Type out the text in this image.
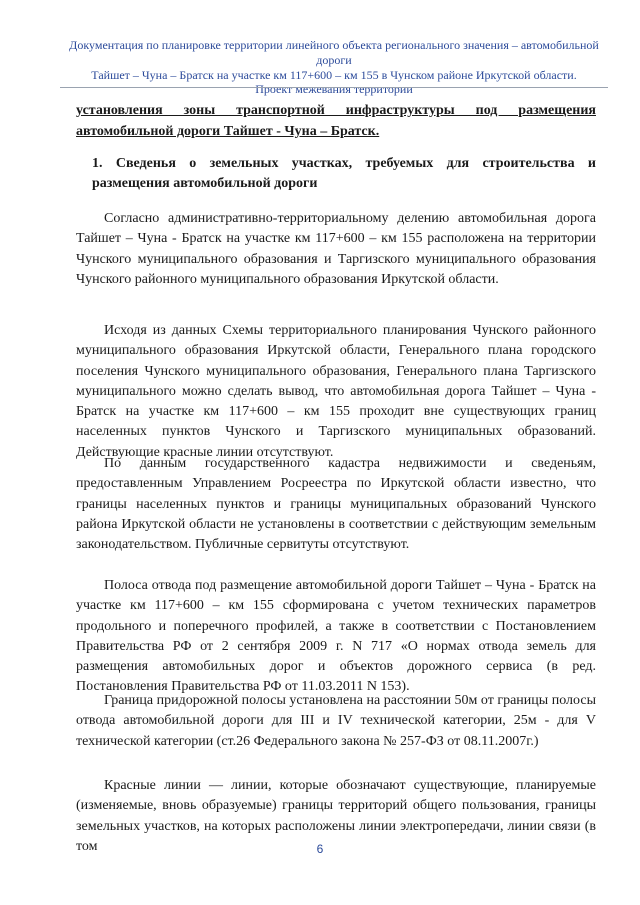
Документация по планировке территории линейного объекта регионального значения – автомобильной дороги
Тайшет – Чуна – Братск на участке км 117+600 – км 155 в Чунском районе Иркутской области.
Проект межевания территории
установления зоны транспортной инфраструктуры под размещения автомобильной дороги Тайшет - Чуна – Братск.
1. Сведенья о земельных участках, требуемых для строительства и размещения автомобильной дороги

Согласно административно-территориальному делению автомобильная дорога Тайшет – Чуна - Братск на участке км 117+600 – км 155 расположена на территории Чунского муниципального образования и Таргизского муниципального образования Чунского районного муниципального образования Иркутской области.

Исходя из данных Схемы территориального планирования Чунского районного муниципального образования Иркутской области, Генерального плана городского поселения Чунского муниципального образования, Генерального плана Таргизского муниципального можно сделать вывод, что автомобильная дорога Тайшет – Чуна - Братск на участке км 117+600 – км 155 проходит вне существующих границ населенных пунктов Чунского и Таргизского муниципальных образований. Действующие красные линии отсутствуют.

По данным государственного кадастра недвижимости и сведеньям, предоставленным Управлением Росреестра по Иркутской области известно, что границы населенных пунктов и границы муниципальных образований Чунского района Иркутской области не установлены в соответствии с действующим земельным законодательством. Публичные сервитуты отсутствуют.

Полоса отвода под размещение автомобильной дороги Тайшет – Чуна - Братск на участке км 117+600 – км 155 сформирована с учетом технических параметров продольного и поперечного профилей, а также в соответствии с Постановлением Правительства РФ от 2 сентября 2009 г. N 717 «О нормах отвода земель для размещения автомобильных дорог и объектов дорожного сервиса (в ред. Постановления Правительства РФ от 11.03.2011 N 153).

Граница придорожной полосы установлена на расстоянии 50м от границы полосы отвода автомобильной дороги для III и IV технической категории, 25м - для V технической категории (ст.26 Федерального закона № 257-ФЗ от 08.11.2007г.)

Красные линии — линии, которые обозначают существующие, планируемые (изменяемые, вновь образуемые) границы территорий общего пользования, границы земельных участков, на которых расположены линии электропередачи, линии связи (в том	6
